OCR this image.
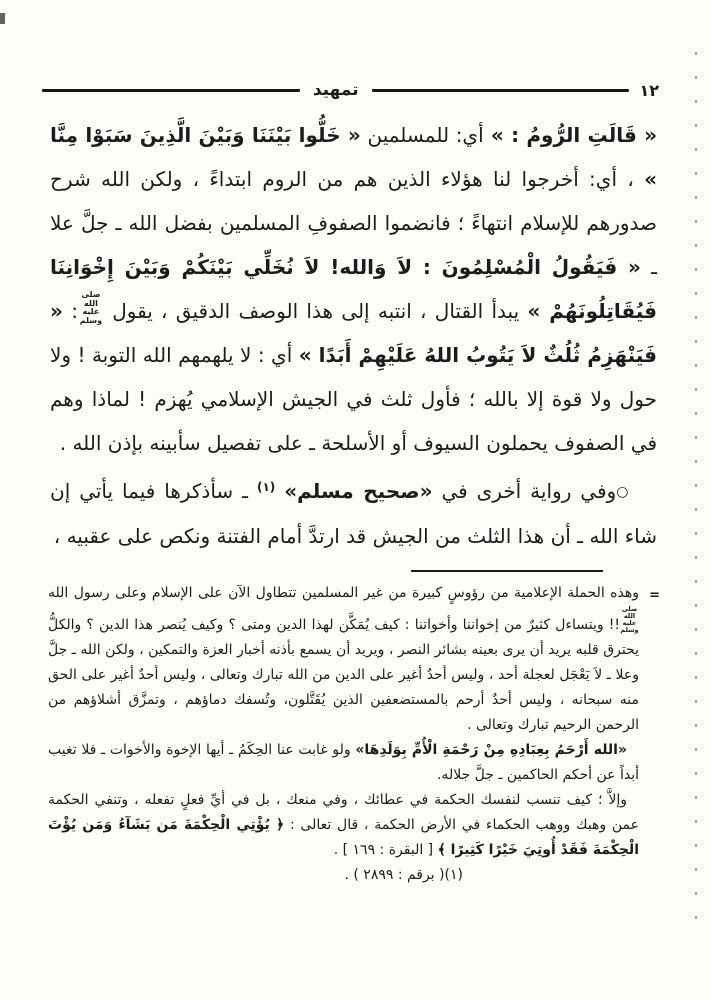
١٢
تمهيد

« قَالَتِ الرُّومُ : » أي: للمسلمين « خَلُّوا بَيْنَنَا وَبَيْنَ الَّذِينَ سَبَوْا مِنَّا » ، أي: أخرجوا لنا هؤلاء الذين هم من الروم ابتداءً ، ولكن الله شرح صدورهم للإسلام انتهاءً ؛ فانضموا الصفوفِ المسلمين بفضل الله ـ جلَّ علا ـ « فَيَقُولُ الْمُسْلِمُونَ : لاَ وَالله! لاَ نُخَلِّي بَيْنَكُمْ وَبَيْنَ إِخْوَانِنَا فَيُقَاتِلُونَهُمْ » يبدأ القتال ، انتبه إلى هذا الوصف الدقيق ، يقول صلى الله عليه وسلم: « فَيَنْهَزِمُ ثُلُثٌ لاَ يَتُوبُ اللهُ عَلَيْهِمْ أَبَدًا » أي : لا يلهمهم الله التوبة ! ولا حول ولا قوة إلا بالله ؛ فأول ثلث في الجيش الإسلامي يُهزم ! لماذا وهم في الصفوف يحملون السيوف أو الأسلحة ـ على تفصيل سأبينه بإذن الله .

○وفي رواية أخرى في «صحيح مسلم» $^{(١)}$ ـ سأذكرها فيما يأتي إن شاء الله ـ أن هذا الثلث من الجيش قد ارتدَّ أمام الفتنة ونكص على عقبيه ،

=

وهذه الحملة الإعلامية من رؤوسٍ كبيرة من غير المسلمين تتطاول الآن على الإسلام وعلى رسول الله صلى الله عليه وسلم!! ويتساءل كثيرٌ من إخواننا وأخواتنا : كيف يُمَكَّن لهذا الدين ومتى ؟ وكيف يُنصر هذا الدين ؟ والكلُّ يحترق قلبه يريد أن يرى بعينه بشائر النصر ، ويريد أن يسمع بأذنه أخبار العزة والتمكين ، ولكن الله ـ جلَّ وعلا ـ لاَ يَعْجَل لعجلة أحد ، وليس أحدٌ أغير على الدين من الله تبارك وتعالى ، وليس أحدٌ أغير على الحق منه سبحانه ، وليس أحدٌ أرحم بالمستضعفين الذين يُقَتَّلون، وتُسفك دماؤهم ، وتمزَّق أشلاؤهم من الرحمن الرحيم تبارك وتعالى .

«الله أَرْحَمُ بِعِبَادِهِ مِنْ رَحْمَةِ الْأُمِّ بِوَلَدِهَا» ولو غابت عنا الحِكَمُ ـ أيها الإخوة والأخوات ـ فلا تغيب أبداً عن أحكم الحاكمين ـ جلَّ جلاله.

وإلاَّ ؛ كيف تنسب لنفسك الحكمة في عطائك ، وفي منعك ، بل في أيِّ فعلٍ تفعله ، وتنفي الحكمة عمن وهبك ووهب الحكماء في الأرض الحكمة ، قال تعالى : ﴿ يُؤْتِي الْحِكْمَةَ مَن يَشَآءُ وَمَن يُؤْتَ الْحِكْمَةَ فَقَدْ أُوتِيَ خَيْرًا كَثِيرًا ﴾ [ البقرة : ١٦٩ ] .

(١)( برقم : ٢٨٩٩ ) .
